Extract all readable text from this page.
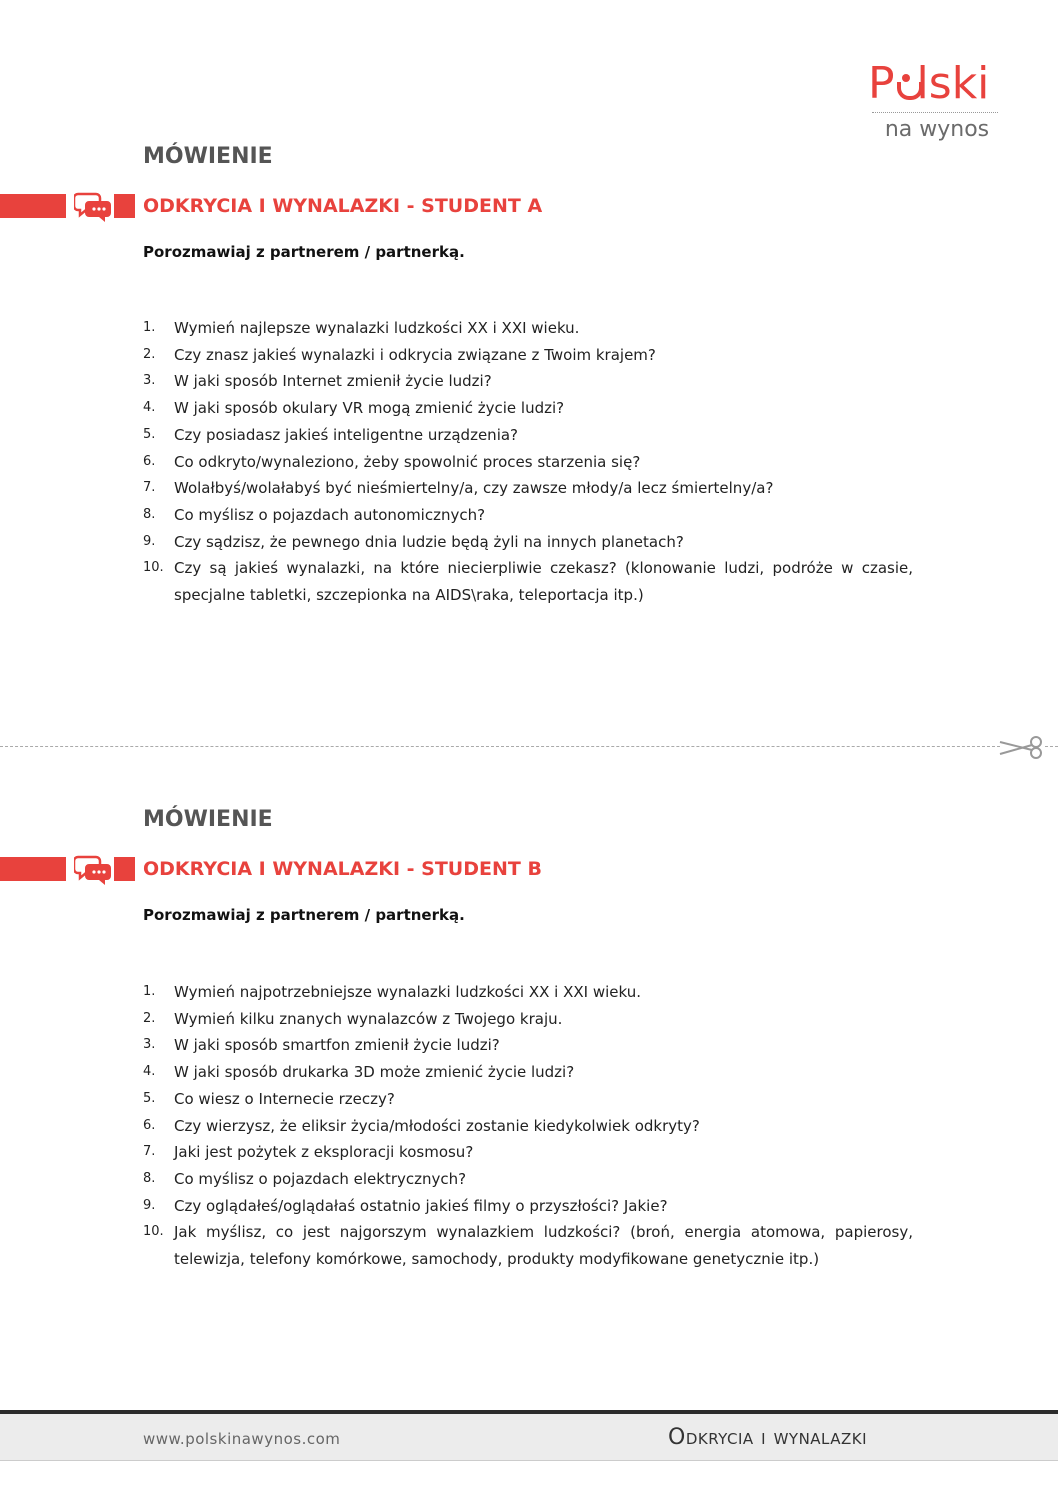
P lski
na wynos
MÓWIENIE
ODKRYCIA I WYNALAZKI - STUDENT A
Porozmawiaj z partnerem / partnerką.
1. Wymień najlepsze wynalazki ludzkości XX i XXI wieku.
2. Czy znasz jakieś wynalazki i odkrycia związane z Twoim krajem?
3. W jaki sposób Internet zmienił życie ludzi?
4. W jaki sposób okulary VR mogą zmienić życie ludzi?
5. Czy posiadasz jakieś inteligentne urządzenia?
6. Co odkryto/wynaleziono, żeby spowolnić proces starzenia się?
7. Wolałbyś/wolałabyś być nieśmiertelny/a, czy zawsze młody/a lecz śmiertelny/a?
8. Co myślisz o pojazdach autonomicznych?
9. Czy sądzisz, że pewnego dnia ludzie będą żyli na innych planetach?
10. Czy są jakieś wynalazki, na które niecierpliwie czekasz? (klonowanie ludzi, podróże w czasie, specjalne tabletki, szczepionka na AIDS\raka, teleportacja itp.)
MÓWIENIE
ODKRYCIA I WYNALAZKI - STUDENT B
Porozmawiaj z partnerem / partnerką.
1. Wymień najpotrzebniejsze wynalazki ludzkości XX i XXI wieku.
2. Wymień kilku znanych wynalazców z Twojego kraju.
3. W jaki sposób smartfon zmienił życie ludzi?
4. W jaki sposób drukarka 3D może zmienić życie ludzi?
5. Co wiesz o Internecie rzeczy?
6. Czy wierzysz, że eliksir życia/młodości zostanie kiedykolwiek odkryty?
7. Jaki jest pożytek z eksploracji kosmosu?
8. Co myślisz o pojazdach elektrycznych?
9. Czy oglądałeś/oglądałaś ostatnio jakieś filmy o przyszłości? Jakie?
10. Jak myślisz, co jest najgorszym wynalazkiem ludzkości? (broń, energia atomowa, papierosy, telewizja, telefony komórkowe, samochody, produkty modyfikowane genetycznie itp.)
www.polskinawynos.com	Odkrycia i wynalazki
